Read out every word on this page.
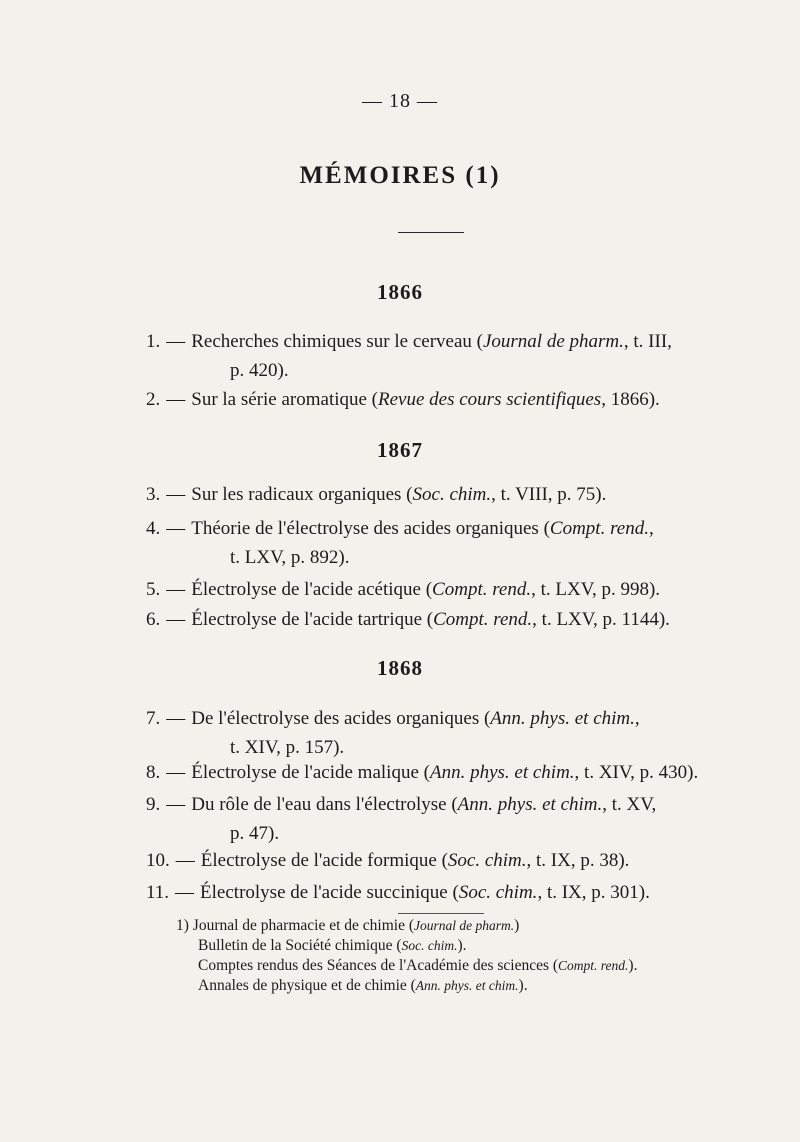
— 18 —
MÉMOIRES (1)
1866
1. — Recherches chimiques sur le cerveau (Journal de pharm., t. III,
p. 420).
2. — Sur la série aromatique (Revue des cours scientifiques, 1866).
1867
3. — Sur les radicaux organiques (Soc. chim., t. VIII, p. 75).
4. — Théorie de l'électrolyse des acides organiques (Compt. rend.,
t. LXV, p. 892).
5. — Électrolyse de l'acide acétique (Compt. rend., t. LXV, p. 998).
6. — Électrolyse de l'acide tartrique (Compt. rend., t. LXV, p. 1144).
1868
7. — De l'électrolyse des acides organiques (Ann. phys. et chim.,
t. XIV, p. 157).
8. — Électrolyse de l'acide malique (Ann. phys. et chim., t. XIV, p. 430).
9. — Du rôle de l'eau dans l'électrolyse (Ann. phys. et chim., t. XV,
p. 47).
10. — Électrolyse de l'acide formique (Soc. chim., t. IX, p. 38).
11. — Électrolyse de l'acide succinique (Soc. chim., t. IX, p. 301).
1) Journal de pharmacie et de chimie (Journal de pharm.)
Bulletin de la Société chimique (Soc. chim.).
Comptes rendus des Séances de l'Académie des sciences (Compt. rend.).
Annales de physique et de chimie (Ann. phys. et chim.).
